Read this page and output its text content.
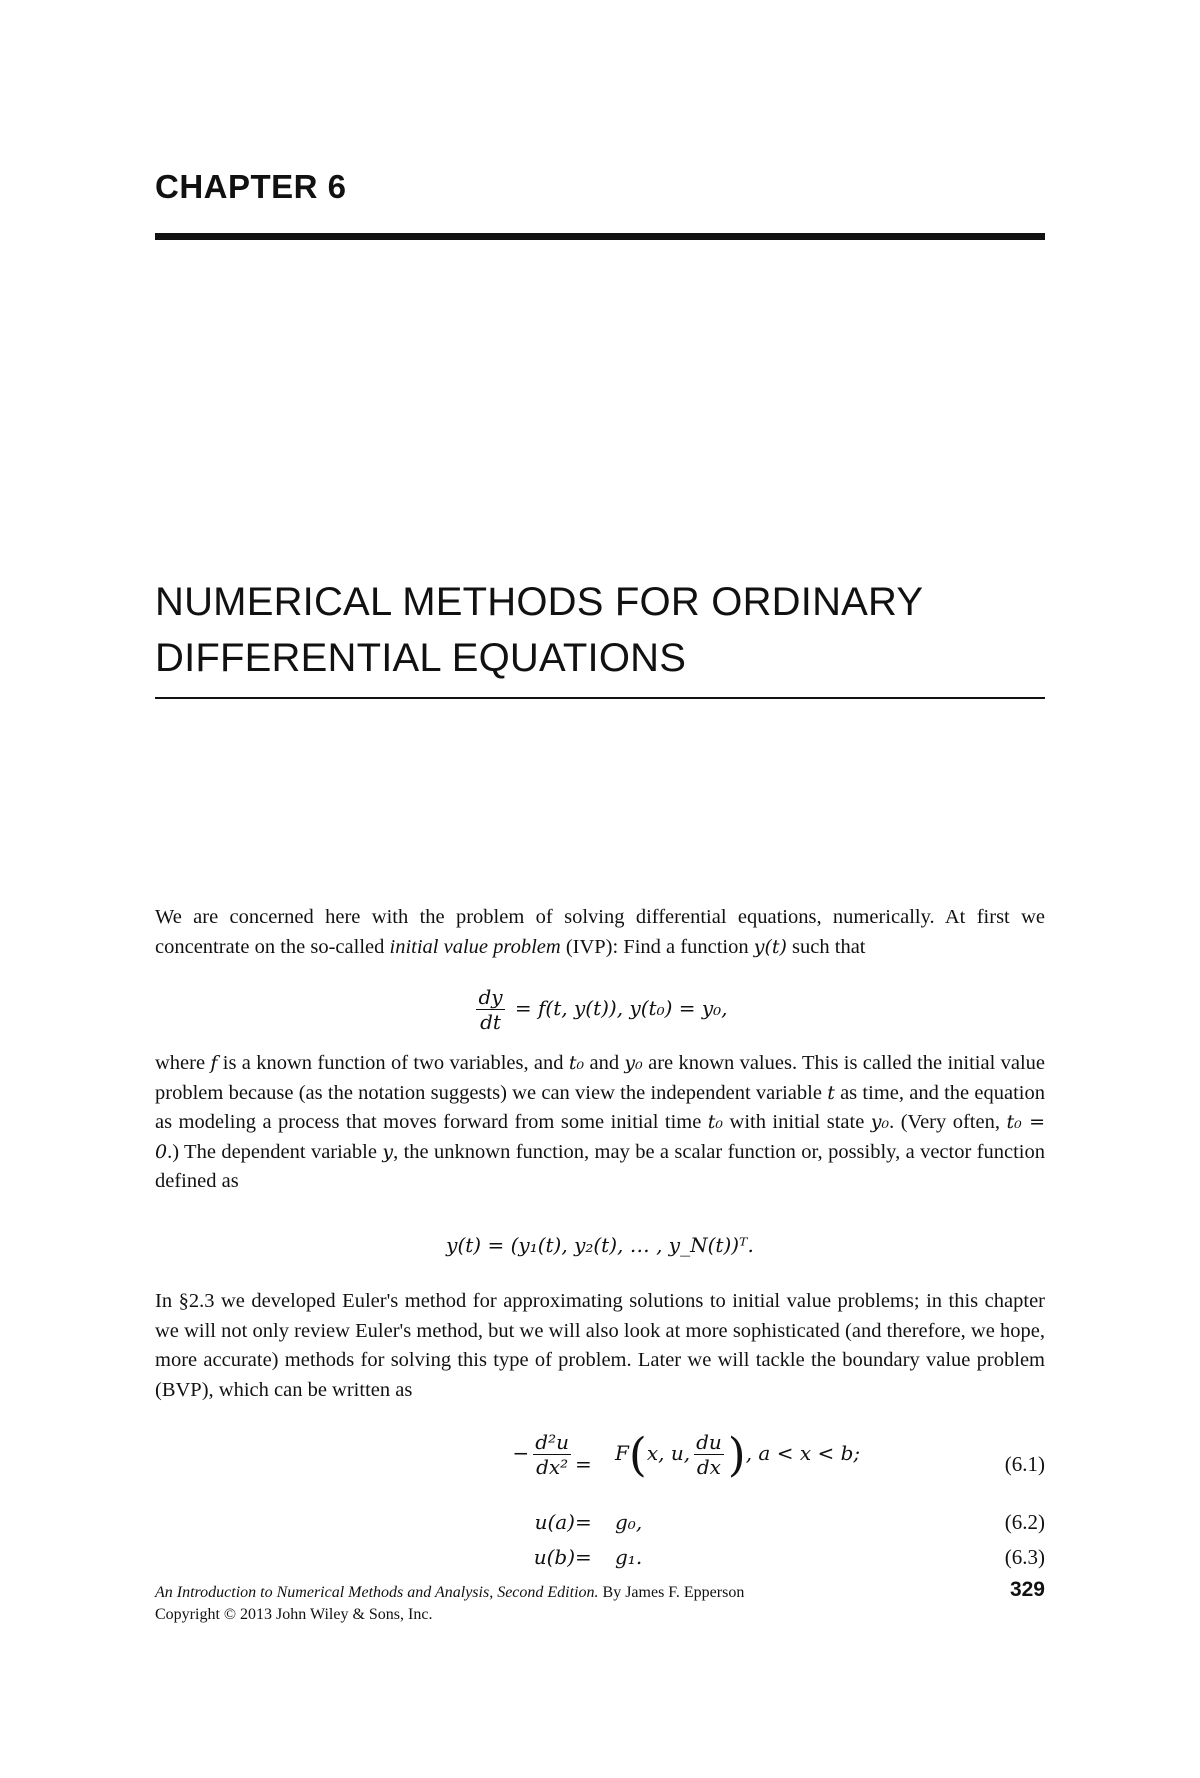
CHAPTER 6
NUMERICAL METHODS FOR ORDINARY
DIFFERENTIAL EQUATIONS
We are concerned here with the problem of solving differential equations, numerically. At first we concentrate on the so-called initial value problem (IVP): Find a function y(t) such that
$\frac{dy}{dt} = f(t$, y(t)), y(t₀) = y₀,
where f is a known function of two variables, and t₀ and y₀ are known values. This is called the initial value problem because (as the notation suggests) we can view the independent variable t as time, and the equation as modeling a process that moves forward from some initial time t₀ with initial state y₀. (Very often, t₀ = 0.) The dependent variable y, the unknown function, may be a scalar function or, possibly, a vector function defined as
y(t) = (y₁(t), y₂(t), … , y_N(t))ᵀ.
In §2.3 we developed Euler's method for approximating solutions to initial value problems; in this chapter we will not only review Euler's method, but we will also look at more sophisticated (and therefore, we hope, more accurate) methods for solving this type of problem. Later we will tackle the boundary value problem (BVP), which can be written as
− $\frac{\text{d²u}}{\text{dx²}} = F(x$, u, $\frac{du}{dx}$ ), a < x < b;	(6.1)
u(a) = g₀,	(6.2)
u(b) = g₁.	(6.3)
An Introduction to Numerical Methods and Analysis, Second Edition. By James F. Epperson
Copyright © 2013 John Wiley & Sons, Inc.
329
